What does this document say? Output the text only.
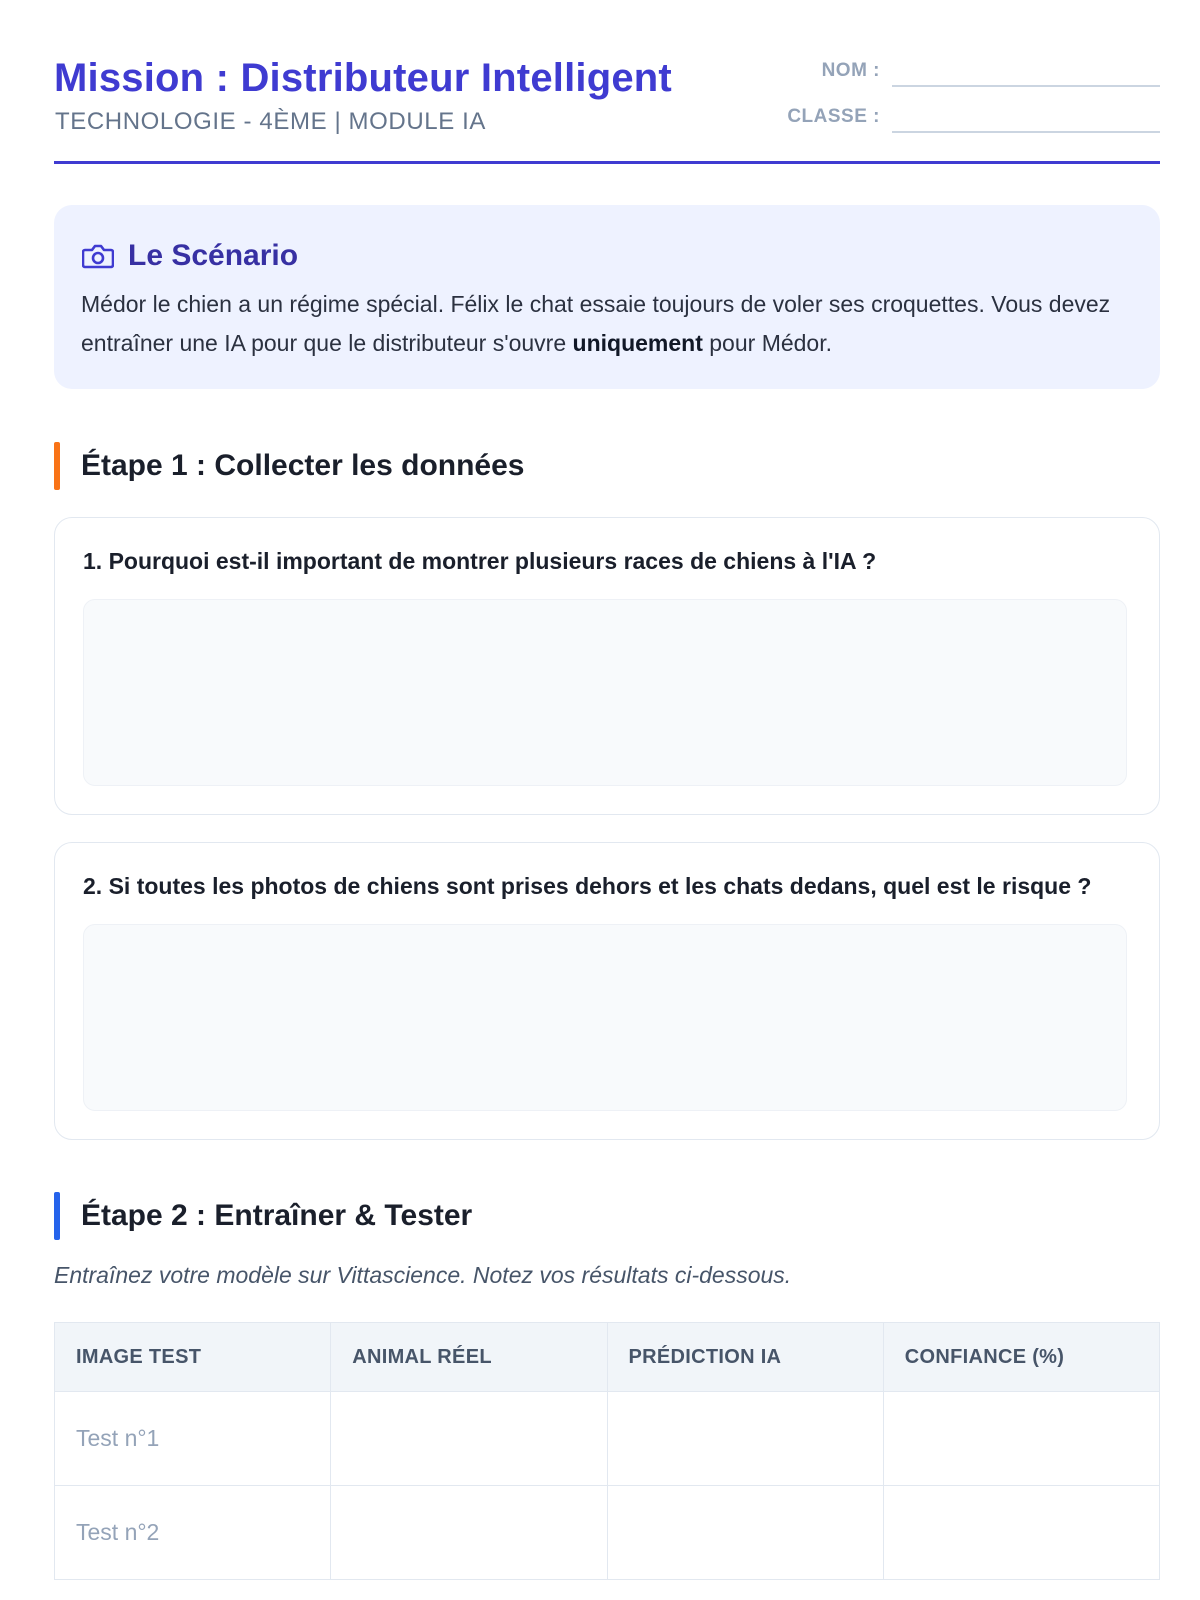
Mission : Distributeur Intelligent
TECHNOLOGIE - 4ÈME | MODULE IA
NOM :
CLASSE :
Le Scénario
Médor le chien a un régime spécial. Félix le chat essaie toujours de voler ses croquettes. Vous devez entraîner une IA pour que le distributeur s'ouvre uniquement pour Médor.
Étape 1 : Collecter les données
1. Pourquoi est-il important de montrer plusieurs races de chiens à l'IA ?
2. Si toutes les photos de chiens sont prises dehors et les chats dedans, quel est le risque ?
Étape 2 : Entraîner & Tester
Entraînez votre modèle sur Vittascience. Notez vos résultats ci-dessous.
IMAGE TEST	ANIMAL RÉEL	PRÉDICTION IA	CONFIANCE (%)
Test n°1			
Test n°2			
